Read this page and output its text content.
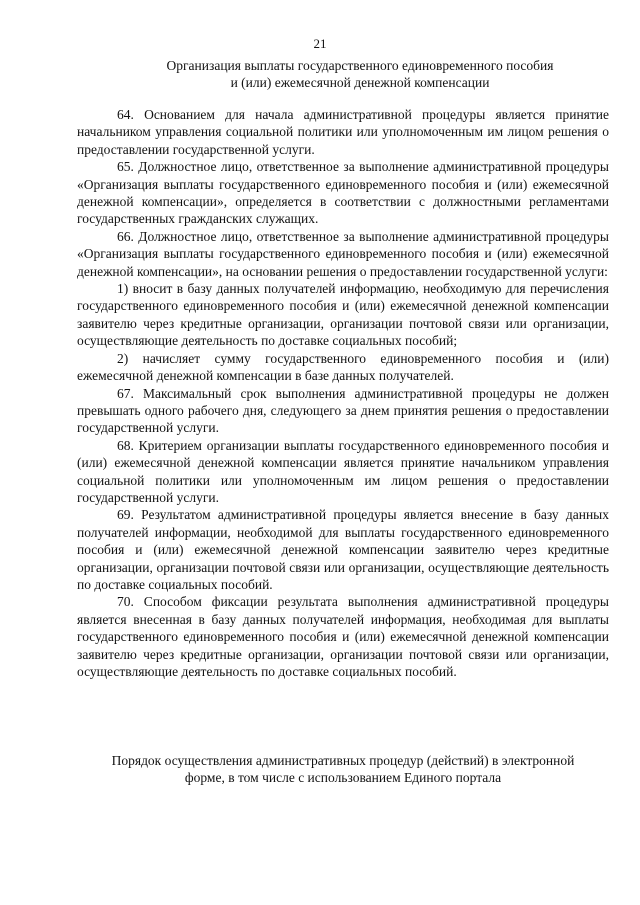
21
Организация выплаты государственного единовременного пособия
и (или) ежемесячной денежной компенсации

64. Основанием для начала административной процедуры является принятие начальником управления социальной политики или уполномоченным им лицом решения о предоставлении государственной услуги.

65. Должностное лицо, ответственное за выполнение административной процедуры «Организация выплаты государственного единовременного пособия и (или) ежемесячной денежной компенсации», определяется в соответствии с должностными регламентами государственных гражданских служащих.

66. Должностное лицо, ответственное за выполнение административной процедуры «Организация выплаты государственного единовременного пособия и (или) ежемесячной денежной компенсации», на основании решения о предоставлении государственной услуги:

1) вносит в базу данных получателей информацию, необходимую для перечисления государственного единовременного пособия и (или) ежемесячной денежной компенсации заявителю через кредитные организации, организации почтовой связи или организации, осуществляющие деятельность по доставке социальных пособий;

2) начисляет сумму государственного единовременного пособия и (или) ежемесячной денежной компенсации в базе данных получателей.

67. Максимальный срок выполнения административной процедуры не должен превышать одного рабочего дня, следующего за днем принятия решения о предоставлении государственной услуги.

68. Критерием организации выплаты государственного единовременного пособия и (или) ежемесячной денежной компенсации является принятие начальником управления социальной политики или уполномоченным им лицом решения о предоставлении государственной услуги.

69. Результатом административной процедуры является внесение в базу данных получателей информации, необходимой для выплаты государственного единовременного пособия и (или) ежемесячной денежной компенсации заявителю через кредитные организации, организации почтовой связи или организации, осуществляющие деятельность по доставке социальных пособий.

70. Способом фиксации результата выполнения административной процедуры является внесенная в базу данных получателей информация, необходимая для выплаты государственного единовременного пособия и (или) ежемесячной денежной компенсации заявителю через кредитные организации, организации почтовой связи или организации, осуществляющие деятельность по доставке социальных пособий.

Порядок осуществления административных процедур (действий) в электронной
форме, в том числе с использованием Единого портала
